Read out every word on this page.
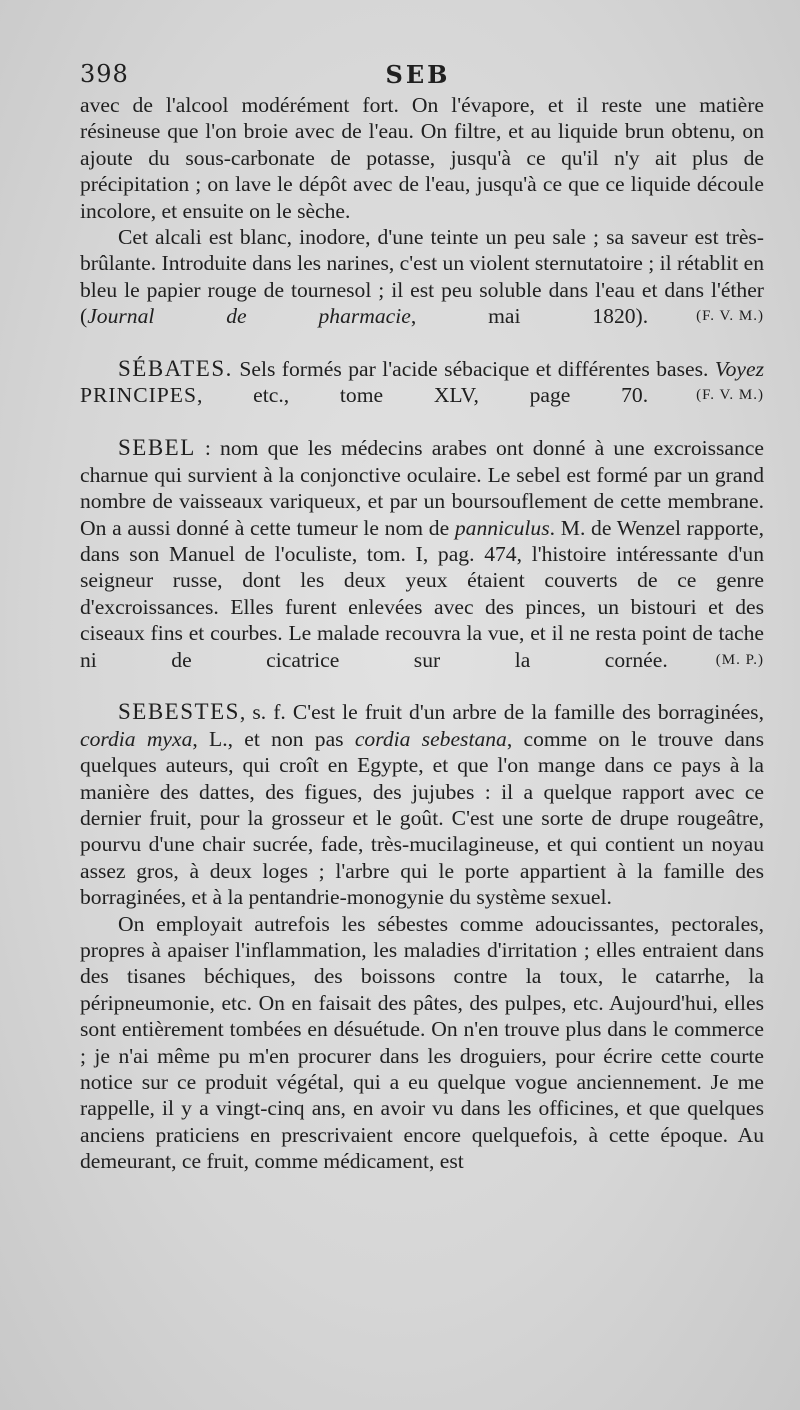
398	SEB

avec de l'alcool modérément fort. On l'évapore, et il reste une matière résineuse que l'on broie avec de l'eau. On filtre, et au liquide brun obtenu, on ajoute du sous-carbonate de potasse, jusqu'à ce qu'il n'y ait plus de précipitation ; on lave le dépôt avec de l'eau, jusqu'à ce que ce liquide découle incolore, et ensuite on le sèche.

Cet alcali est blanc, inodore, d'une teinte un peu sale ; sa saveur est très-brûlante. Introduite dans les narines, c'est un violent sternutatoire ; il rétablit en bleu le papier rouge de tournesol ; il est peu soluble dans l'eau et dans l'éther (Journal de pharmacie, mai 1820).	(F. V. M.)

SÉBATES. Sels formés par l'acide sébacique et différentes bases. Voyez PRINCIPES, etc., tome XLV, page 70.	(F. V. M.)

SEBEL : nom que les médecins arabes ont donné à une excroissance charnue qui survient à la conjonctive oculaire. Le sebel est formé par un grand nombre de vaisseaux variqueux, et par un boursouflement de cette membrane. On a aussi donné à cette tumeur le nom de panniculus. M. de Wenzel rapporte, dans son Manuel de l'oculiste, tom. I, pag. 474, l'histoire intéressante d'un seigneur russe, dont les deux yeux étaient couverts de ce genre d'excroissances. Elles furent enlevées avec des pinces, un bistouri et des ciseaux fins et courbes. Le malade recouvra la vue, et il ne resta point de tache ni de cicatrice sur la cornée.	(M. P.)

SEBESTES, s. f. C'est le fruit d'un arbre de la famille des borraginées, cordia myxa, L., et non pas cordia sebestana, comme on le trouve dans quelques auteurs, qui croît en Egypte, et que l'on mange dans ce pays à la manière des dattes, des figues, des jujubes : il a quelque rapport avec ce dernier fruit, pour la grosseur et le goût. C'est une sorte de drupe rougeâtre, pourvu d'une chair sucrée, fade, très-mucilagineuse, et qui contient un noyau assez gros, à deux loges ; l'arbre qui le porte appartient à la famille des borraginées, et à la pentandrie-monogynie du système sexuel.

On employait autrefois les sébestes comme adoucissantes, pectorales, propres à apaiser l'inflammation, les maladies d'irritation ; elles entraient dans des tisanes béchiques, des boissons contre la toux, le catarrhe, la péripneumonie, etc. On en faisait des pâtes, des pulpes, etc. Aujourd'hui, elles sont entièrement tombées en désuétude. On n'en trouve plus dans le commerce ; je n'ai même pu m'en procurer dans les droguiers, pour écrire cette courte notice sur ce produit végétal, qui a eu quelque vogue anciennement. Je me rappelle, il y a vingt-cinq ans, en avoir vu dans les officines, et que quelques anciens praticiens en prescrivaient encore quelquefois, à cette époque. Au demeurant, ce fruit, comme médicament, est
